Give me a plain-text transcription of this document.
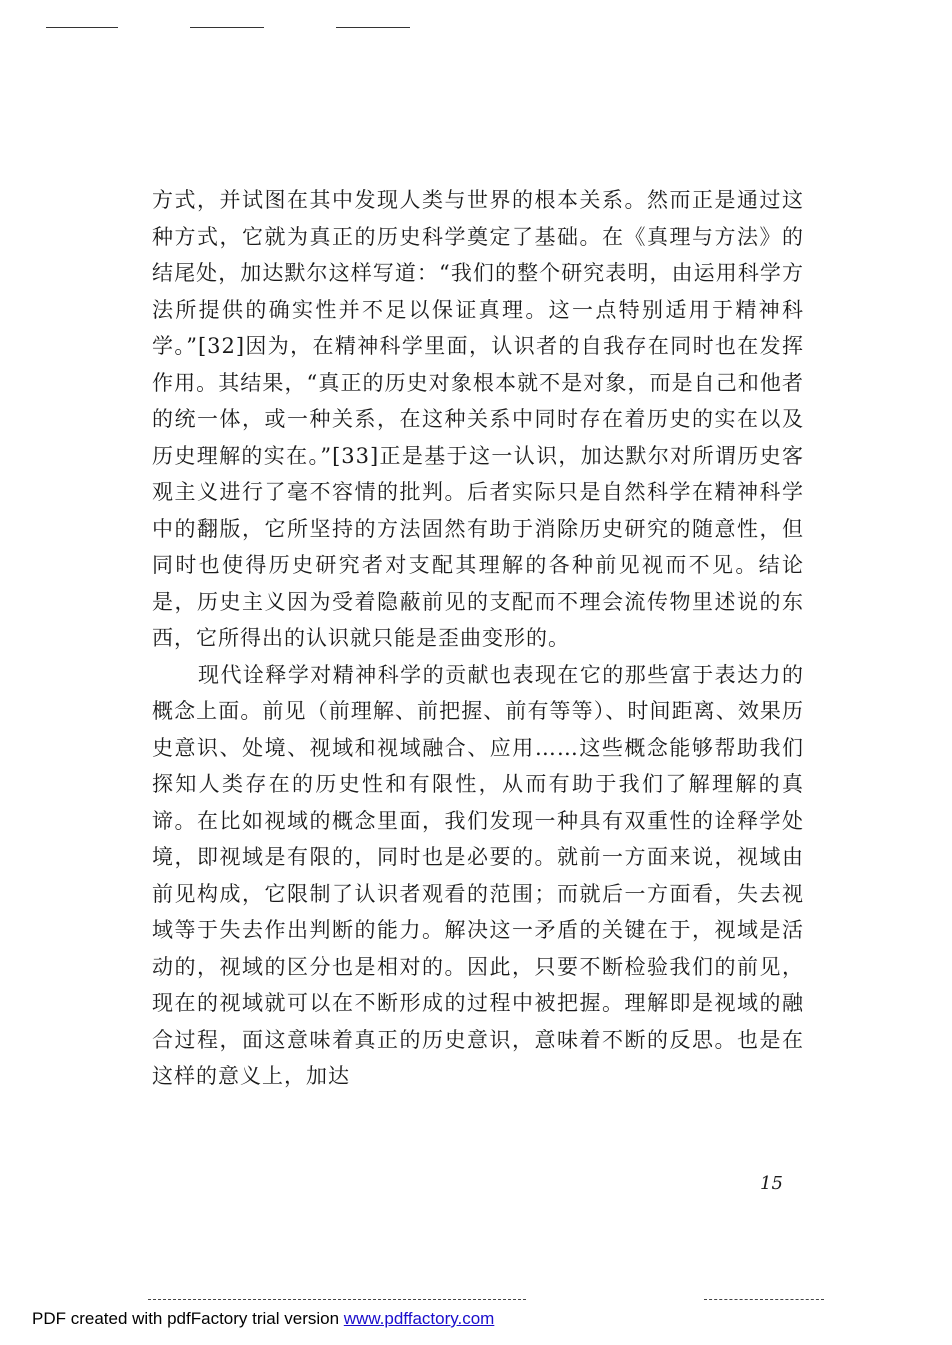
方式，并试图在其中发现人类与世界的根本关系。然而正是通过这种方式，它就为真正的历史科学奠定了基础。在《真理与方法》的结尾处，加达默尔这样写道：“我们的整个研究表明，由运用科学方法所提供的确实性并不足以保证真理。这一点特别适用于精神科学。”[32]因为，在精神科学里面，认识者的自我存在同时也在发挥作用。其结果，“真正的历史对象根本就不是对象，而是自己和他者的统一体，或一种关系，在这种关系中同时存在着历史的实在以及历史理解的实在。”[33]正是基于这一认识，加达默尔对所谓历史客观主义进行了毫不容情的批判。后者实际只是自然科学在精神科学中的翻版，它所坚持的方法固然有助于消除历史研究的随意性，但同时也使得历史研究者对支配其理解的各种前见视而不见。结论是，历史主义因为受着隐蔽前见的支配而不理会流传物里述说的东西，它所得出的认识就只能是歪曲变形的。

现代诠释学对精神科学的贡献也表现在它的那些富于表达力的概念上面。前见（前理解、前把握、前有等等）、时间距离、效果历史意识、处境、视域和视域融合、应用……这些概念能够帮助我们探知人类存在的历史性和有限性，从而有助于我们了解理解的真谛。在比如视域的概念里面，我们发现一种具有双重性的诠释学处境，即视域是有限的，同时也是必要的。就前一方面来说，视域由前见构成，它限制了认识者观看的范围；而就后一方面看，失去视域等于失去作出判断的能力。解决这一矛盾的关键在于，视域是活动的，视域的区分也是相对的。因此，只要不断检验我们的前见，现在的视域就可以在不断形成的过程中被把握。理解即是视域的融合过程，面这意味着真正的历史意识，意味着不断的反思。也是在这样的意义上，加达

15
PDF created with pdfFactory trial version www.pdffactory.com
